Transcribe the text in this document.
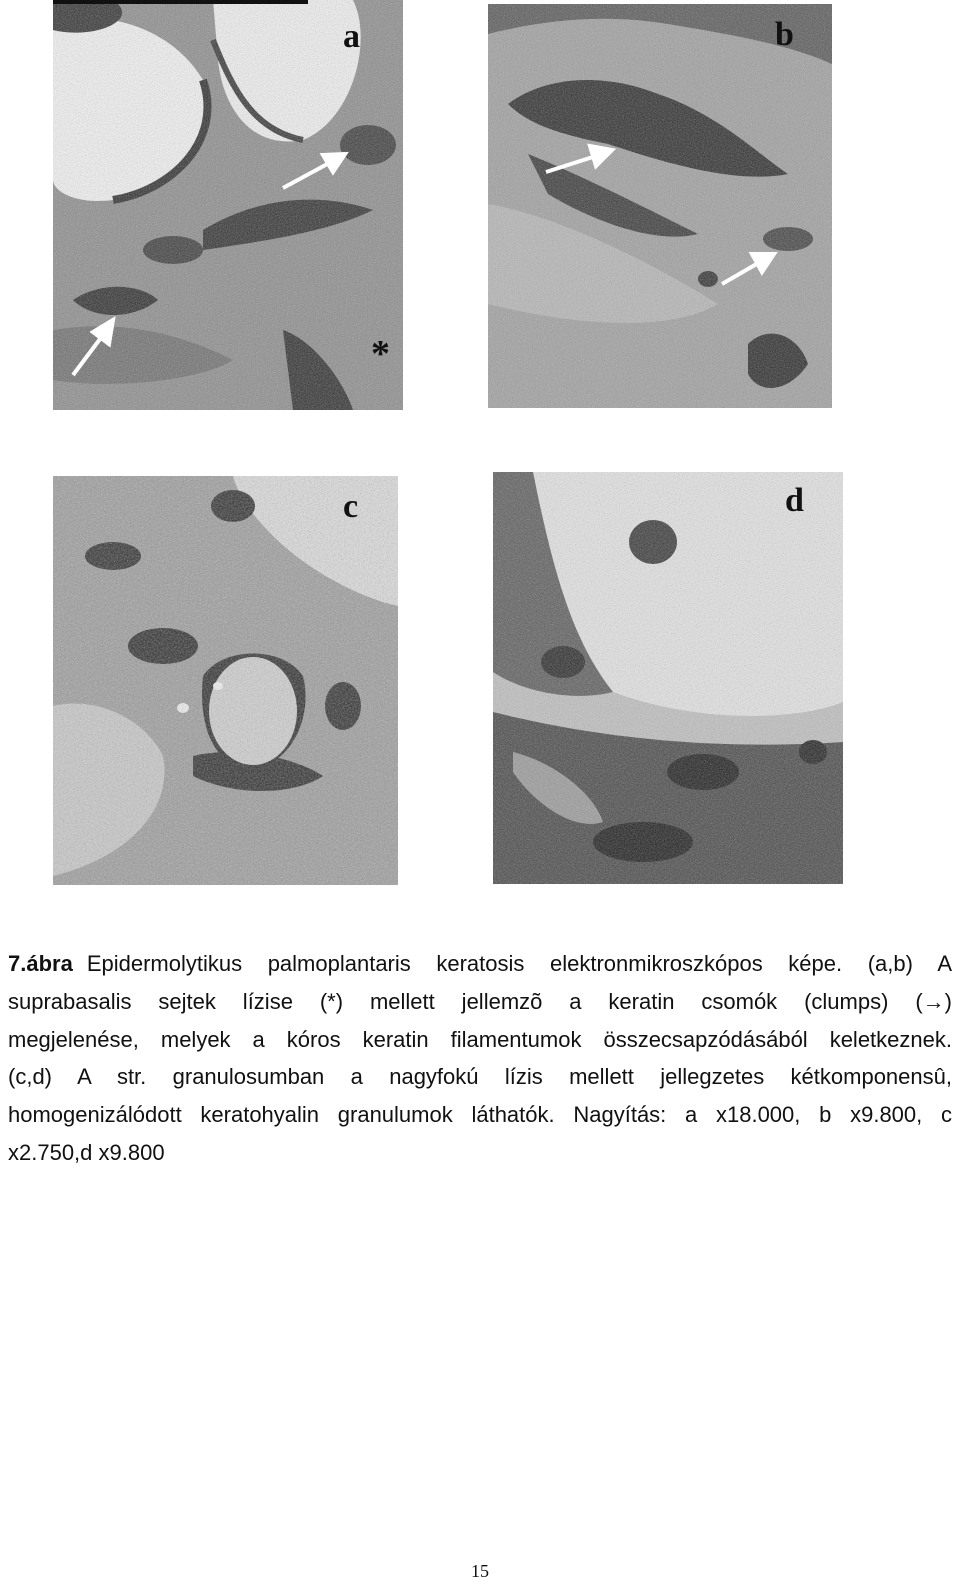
a
*
b
c	d
7.ábra Epidermolytikus palmoplantaris keratosis elektronmikroszkópos képe. (a,b) A
suprabasalis sejtek lízise (*) mellett jellemzõ a keratin csomók (clumps) (→)
megjelenése, melyek a kóros keratin filamentumok összecsapzódásából keletkeznek.
(c,d) A str. granulosumban a nagyfokú lízis mellett jellegzetes kétkomponensû,
homogenizálódott keratohyalin granulumok láthatók. Nagyítás: a x18.000, b x9.800, c
x2.750,d x9.800
15
